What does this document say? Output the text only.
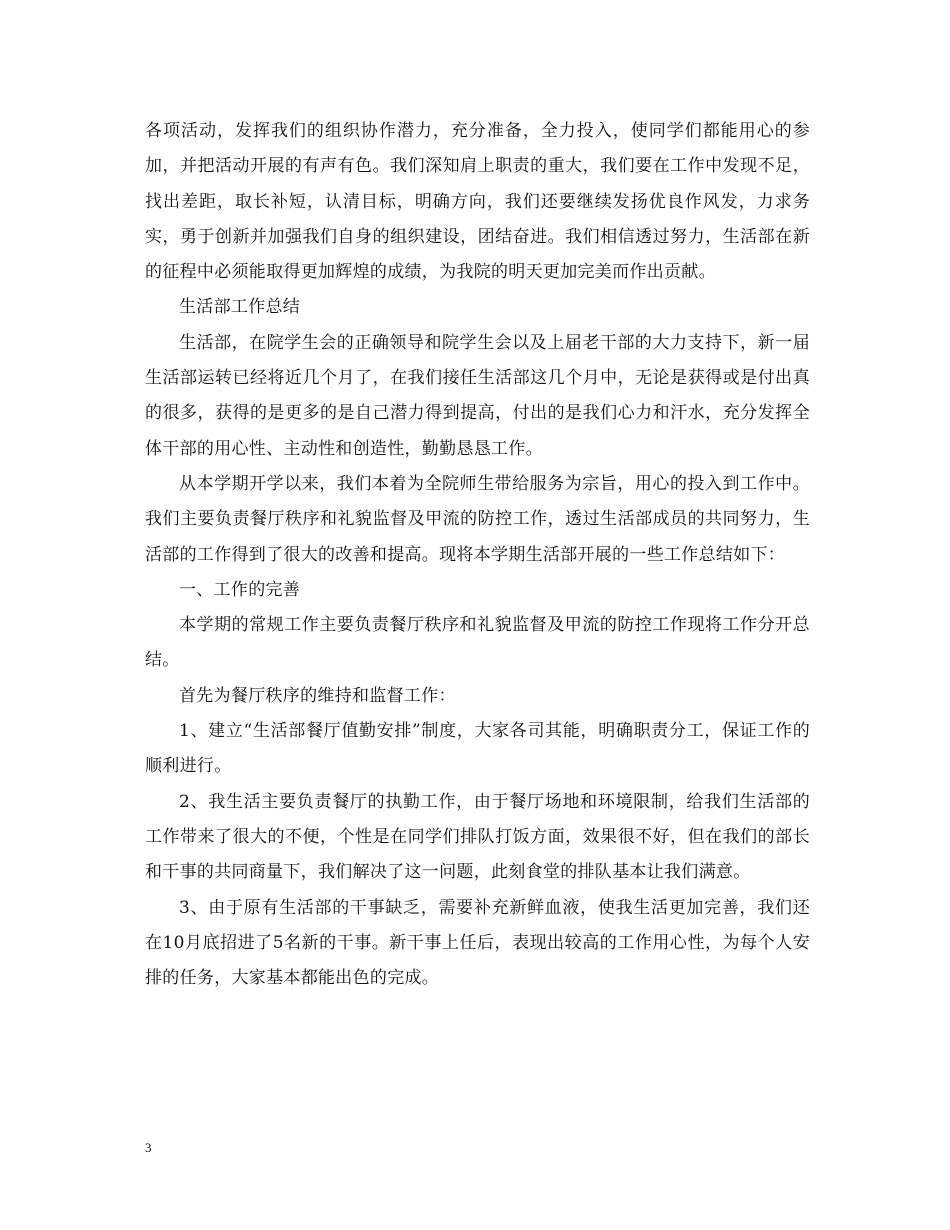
各项活动，发挥我们的组织协作潜力，充分准备，全力投入，使同学们都能用心的参加，并把活动开展的有声有色。我们深知肩上职责的重大，我们要在工作中发现不足，找出差距，取长补短，认清目标，明确方向，我们还要继续发扬优良作风发，力求务实，勇于创新并加强我们自身的组织建设，团结奋进。我们相信透过努力，生活部在新的征程中必须能取得更加辉煌的成绩，为我院的明天更加完美而作出贡献。

生活部工作总结

生活部，在院学生会的正确领导和院学生会以及上届老干部的大力支持下，新一届生活部运转已经将近几个月了，在我们接任生活部这几个月中，无论是获得或是付出真的很多，获得的是更多的是自己潜力得到提高，付出的是我们心力和汗水，充分发挥全体干部的用心性、主动性和创造性，勤勤恳恳工作。

从本学期开学以来，我们本着为全院师生带给服务为宗旨，用心的投入到工作中。我们主要负责餐厅秩序和礼貌监督及甲流的防控工作，透过生活部成员的共同努力，生活部的工作得到了很大的改善和提高。现将本学期生活部开展的一些工作总结如下：

一、工作的完善

本学期的常规工作主要负责餐厅秩序和礼貌监督及甲流的防控工作现将工作分开总结。

首先为餐厅秩序的维持和监督工作：

1、建立“生活部餐厅值勤安排”制度，大家各司其能，明确职责分工，保证工作的顺利进行。

2、我生活主要负责餐厅的执勤工作，由于餐厅场地和环境限制，给我们生活部的工作带来了很大的不便，个性是在同学们排队打饭方面，效果很不好，但在我们的部长和干事的共同商量下，我们解决了这一问题，此刻食堂的排队基本让我们满意。

3、由于原有生活部的干事缺乏，需要补充新鲜血液，使我生活更加完善，我们还在10月底招进了5名新的干事。新干事上任后，表现出较高的工作用心性，为每个人安排的任务，大家基本都能出色的完成。

3
